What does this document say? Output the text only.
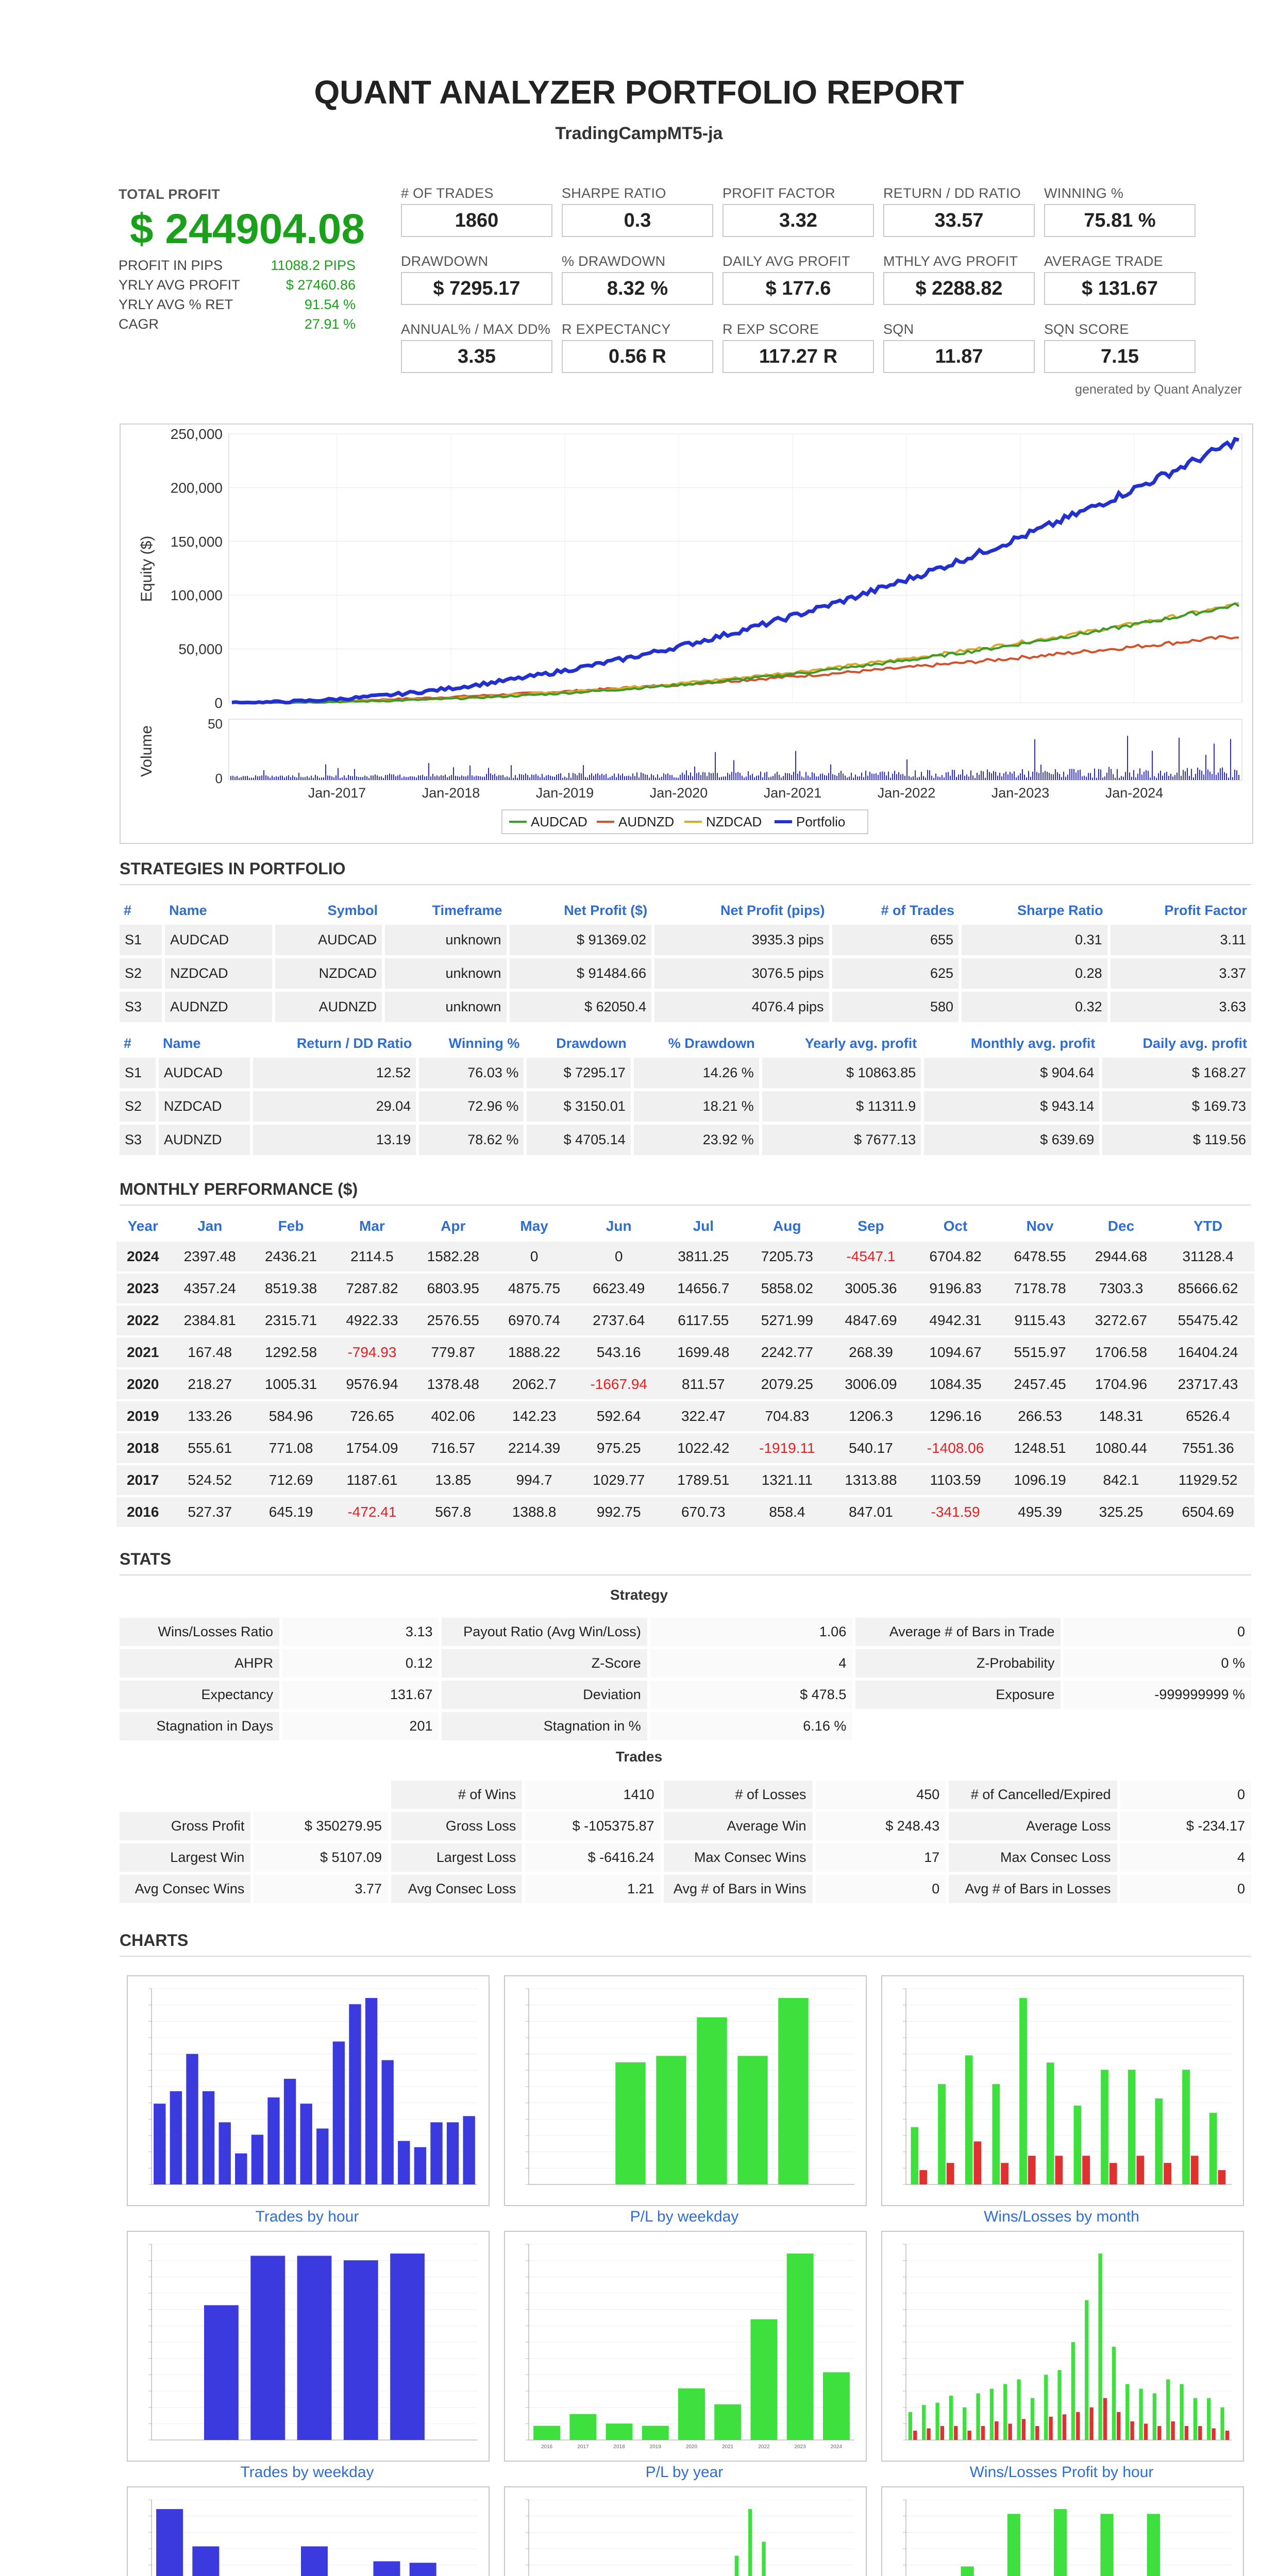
QUANT ANALYZER PORTFOLIO REPORT
TradingCampMT5-ja
TOTAL PROFIT
$ 244904.08
PROFIT IN PIPS	11088.2 PIPS
YRLY AVG PROFIT	$ 27460.86
YRLY AVG % RET	91.54 %
CAGR	27.91 %
# OF TRADES
1860
SHARPE RATIO
0.3
PROFIT FACTOR
3.32
RETURN / DD RATIO
33.57
WINNING %
75.81 %
DRAWDOWN
$ 7295.17
% DRAWDOWN
8.32 %
DAILY AVG PROFIT
$ 177.6
MTHLY AVG PROFIT
$ 2288.82
AVERAGE TRADE
$ 131.67
ANNUAL% / MAX DD%
3.35
R EXPECTANCY
0.56 R
R EXP SCORE
117.27 R
SQN
11.87
SQN SCORE
7.15
generated by Quant Analyzer
250,000
200,000
150,000
100,000
50,000
0
Jan-2017	Jan-2018	Jan-2019	Jan-2020	Jan-2021	Jan-2022	Jan-2023	Jan-2024
Equity ($)
Volume
50
0
AUDCAD AUDNZD NZDCAD	Portfolio
STRATEGIES IN PORTFOLIO
#	Name	Symbol	Timeframe	Net Profit ($)	Net Profit (pips)	# of Trades	Sharpe Ratio	Profit Factor
S1	AUDCAD	AUDCAD	unknown	$ 91369.02	3935.3 pips	655	0.31	3.11
S2	NZDCAD	NZDCAD	unknown	$ 91484.66	3076.5 pips	625	0.28	3.37
S3	AUDNZD	AUDNZD	unknown	$ 62050.4	4076.4 pips	580	0.32	3.63
#	Name	Return / DD Ratio	Winning %	Drawdown	% Drawdown	Yearly avg. profit	Monthly avg. profit	Daily avg. profit
S1	AUDCAD	12.52	76.03 %	$ 7295.17	14.26 %	$ 10863.85	$ 904.64	$ 168.27
S2	NZDCAD	29.04	72.96 %	$ 3150.01	18.21 %	$ 11311.9	$ 943.14	$ 169.73
S3	AUDNZD	13.19	78.62 %	$ 4705.14	23.92 %	$ 7677.13	$ 639.69	$ 119.56
MONTHLY PERFORMANCE ($)
Year	Jan	Feb	Mar	Apr	May	Jun	Jul	Aug	Sep	Oct	Nov	Dec	YTD
2024	2397.48	2436.21	2114.5	1582.28	0	0	3811.25	7205.73	-4547.1	6704.82	6478.55	2944.68	31128.4
2023	4357.24	8519.38	7287.82	6803.95	4875.75	6623.49	14656.7	5858.02	3005.36	9196.83	7178.78	7303.3	85666.62
2022	2384.81	2315.71	4922.33	2576.55	6970.74	2737.64	6117.55	5271.99	4847.69	4942.31	9115.43	3272.67	55475.42
2021	167.48	1292.58	-794.93	779.87	1888.22	543.16	1699.48	2242.77	268.39	1094.67	5515.97	1706.58	16404.24
2020	218.27	1005.31	9576.94	1378.48	2062.7	-1667.94	811.57	2079.25	3006.09	1084.35	2457.45	1704.96	23717.43
2019	133.26	584.96	726.65	402.06	142.23	592.64	322.47	704.83	1206.3	1296.16	266.53	148.31	6526.4
2018	555.61	771.08	1754.09	716.57	2214.39	975.25	1022.42	-1919.11	540.17	-1408.06	1248.51	1080.44	7551.36
2017	524.52	712.69	1187.61	13.85	994.7	1029.77	1789.51	1321.11	1313.88	1103.59	1096.19	842.1	11929.52
2016	527.37	645.19	-472.41	567.8	1388.8	992.75	670.73	858.4	847.01	-341.59	495.39	325.25	6504.69
STATS
Strategy
Wins/Losses Ratio	3.13	Payout Ratio (Avg Win/Loss)	1.06	Average # of Bars in Trade	0
AHPR	0.12	Z-Score	4	Z-Probability	0 %
Expectancy	131.67	Deviation	$ 478.5	Exposure	-999999999 %
Stagnation in Days	201	Stagnation in %	6.16 %		
Trades
		# of Wins	1410	# of Losses	450	# of Cancelled/Expired	0
Gross Profit	$ 350279.95	Gross Loss	$ -105375.87	Average Win	$ 248.43	Average Loss	$ -234.17
Largest Win	$ 5107.09	Largest Loss	$ -6416.24	Max Consec Wins	17	Max Consec Loss	4
Avg Consec Wins	3.77	Avg Consec Loss	1.21	Avg # of Bars in Wins	0	Avg # of Bars in Losses	0
CHARTS
Trades by hour	P/L by weekday	Wins/Losses by month
Trades by weekday
2016	2017	2018	2019	2020	2021	2022	2023	2024
P/L by year	Wins/Losses Profit by hour
